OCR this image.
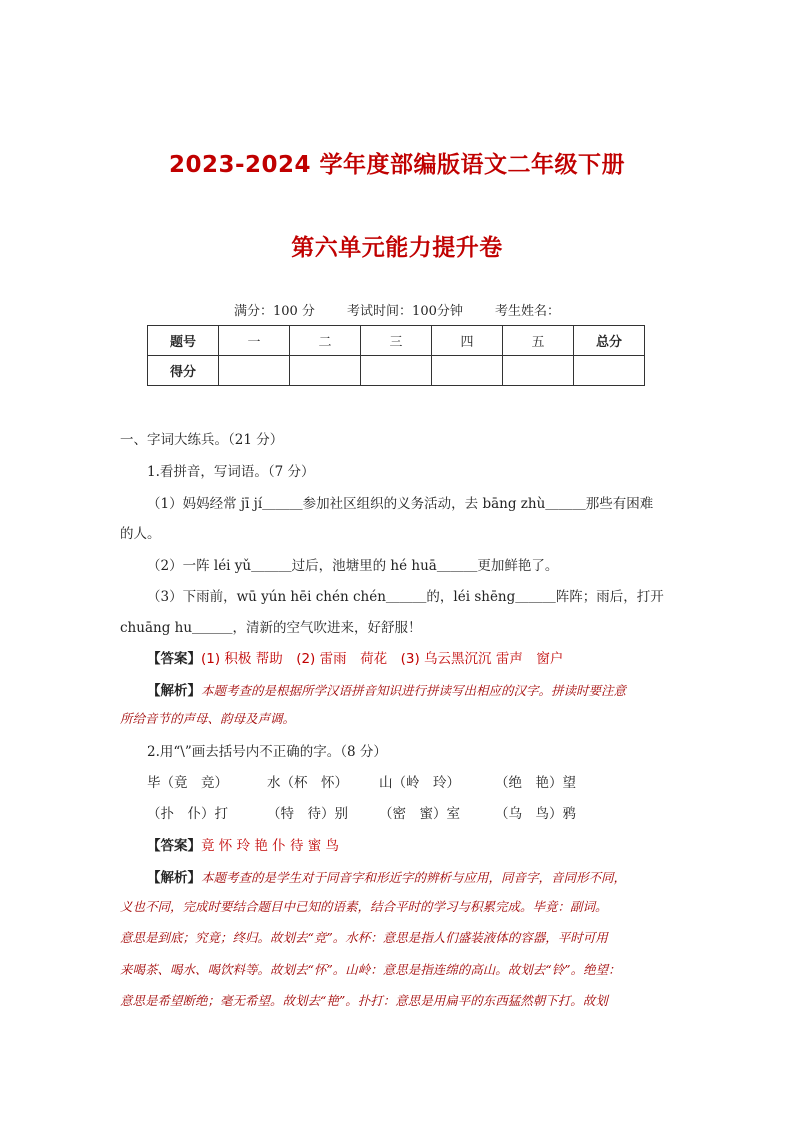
2023-2024 学年度部编版语文二年级下册
第六单元能力提升卷
满分：100 分 考试时间：100分钟 考生姓名：
题号	一	二	三	四	五	总分
得分						
一、字词大练兵。（21 分）
1.看拼音，写词语。（7 分）
（1）妈妈经常 jī jí＿＿＿参加社区组织的义务活动，去 bāng zhù＿＿＿那些有困难
的人。
（2）一阵 léi yǔ＿＿＿过后，池塘里的 hé huā＿＿＿更加鲜艳了。
（3）下雨前，wū yún hēi chén chén＿＿＿的，léi shēng＿＿＿阵阵；雨后，打开
chuāng hu＿＿＿，清新的空气吹进来，好舒服！
【答案】(1) 积极 帮助　(2) 雷雨　荷花　(3) 乌云黑沉沉 雷声　窗户
【解析】本题考查的是根据所学汉语拼音知识进行拼读写出相应的汉字。拼读时要注意
所给音节的声母、韵母及声调。
2.用“\”画去括号内不正确的字。（8 分）
毕（竟　竞）	水（杯　怀） 山（岭　玲）	（绝　艳）望
（扑　仆）打	（特　待）别 （密　蜜）室	（乌　鸟）鸦
【答案】竟 怀 玲 艳 仆 待 蜜 鸟
【解析】本题考查的是学生对于同音字和形近字的辨析与应用，同音字，音同形不同，
义也不同，完成时要结合题目中已知的语素，结合平时的学习与积累完成。毕竟：副词。
意思是到底；究竟；终归。故划去“竞”。水杯：意思是指人们盛装液体的容器，平时可用
来喝茶、喝水、喝饮料等。故划去“怀”。山岭：意思是指连绵的高山。故划去“铃”。绝望：
意思是希望断绝；毫无希望。故划去“艳”。扑打：意思是用扁平的东西猛然朝下打。故划
